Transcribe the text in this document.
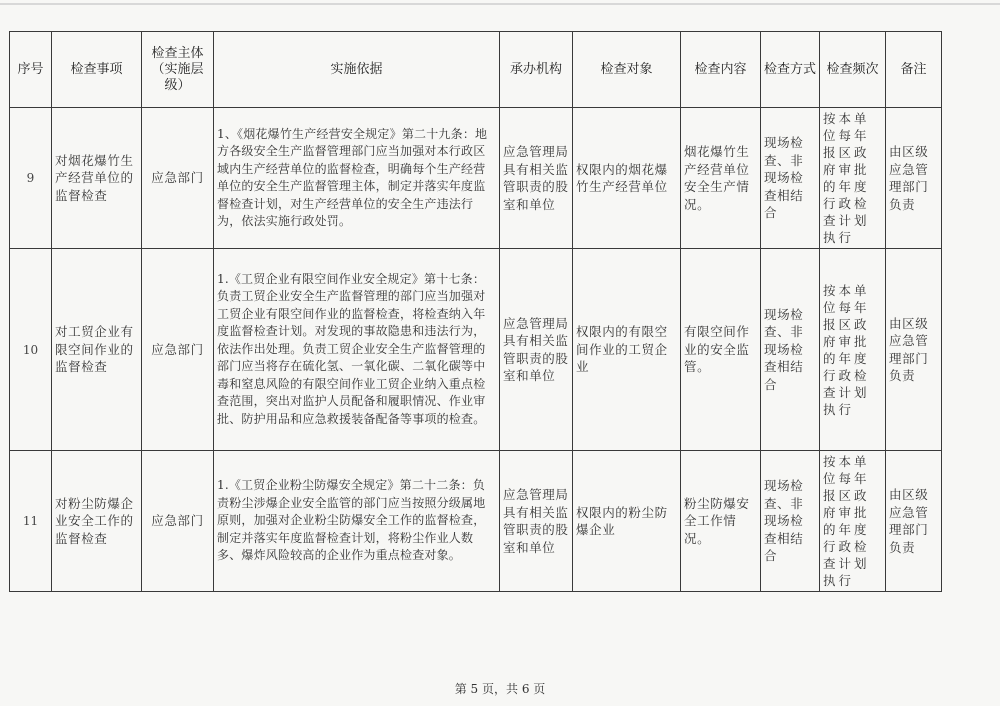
序号	检查事项	检查主体（实施层级）	实施依据	承办机构	检查对象	检查内容	检查方式	检查频次	备注
9	对烟花爆竹生产经营单位的监督检查	应急部门	1、《烟花爆竹生产经营安全规定》第二十九条：地方各级安全生产监督管理部门应当加强对本行政区域内生产经营单位的监督检查，明确每个生产经营单位的安全生产监督管理主体，制定并落实年度监督检查计划，对生产经营单位的安全生产违法行为，依法实施行政处罚。	应急管理局具有相关监管职责的股室和单位	权限内的烟花爆竹生产经营单位	烟花爆竹生产经营单位安全生产情况。	现场检查、非现场检查相结合	按本单位每年报区政府审批的年度行政检查计划执行	由区级应急管理部门负责
10	对工贸企业有限空间作业的监督检查	应急部门	1.《工贸企业有限空间作业安全规定》第十七条：负责工贸企业安全生产监督管理的部门应当加强对工贸企业有限空间作业的监督检查，将检查纳入年度监督检查计划。对发现的事故隐患和违法行为，依法作出处理。负责工贸企业安全生产监督管理的部门应当将存在硫化氢、一氧化碳、二氧化碳等中毒和窒息风险的有限空间作业工贸企业纳入重点检查范围，突出对监护人员配备和履职情况、作业审批、防护用品和应急救援装备配备等事项的检查。	应急管理局具有相关监管职责的股室和单位	权限内的有限空间作业的工贸企业	有限空间作业的安全监管。	现场检查、非现场检查相结合	按本单位每年报区政府审批的年度行政检查计划执行	由区级应急管理部门负责
11	对粉尘防爆企业安全工作的监督检查	应急部门	1.《工贸企业粉尘防爆安全规定》第二十二条：负责粉尘涉爆企业安全监管的部门应当按照分级属地原则，加强对企业粉尘防爆安全工作的监督检查，制定并落实年度监督检查计划，将粉尘作业人数多、爆炸风险较高的企业作为重点检查对象。	应急管理局具有相关监管职责的股室和单位	权限内的粉尘防爆企业	粉尘防爆安全工作情况。	现场检查、非现场检查相结合	按本单位每年报区政府审批的年度行政检查计划执行	由区级应急管理部门负责
第 5 页，共 6 页
